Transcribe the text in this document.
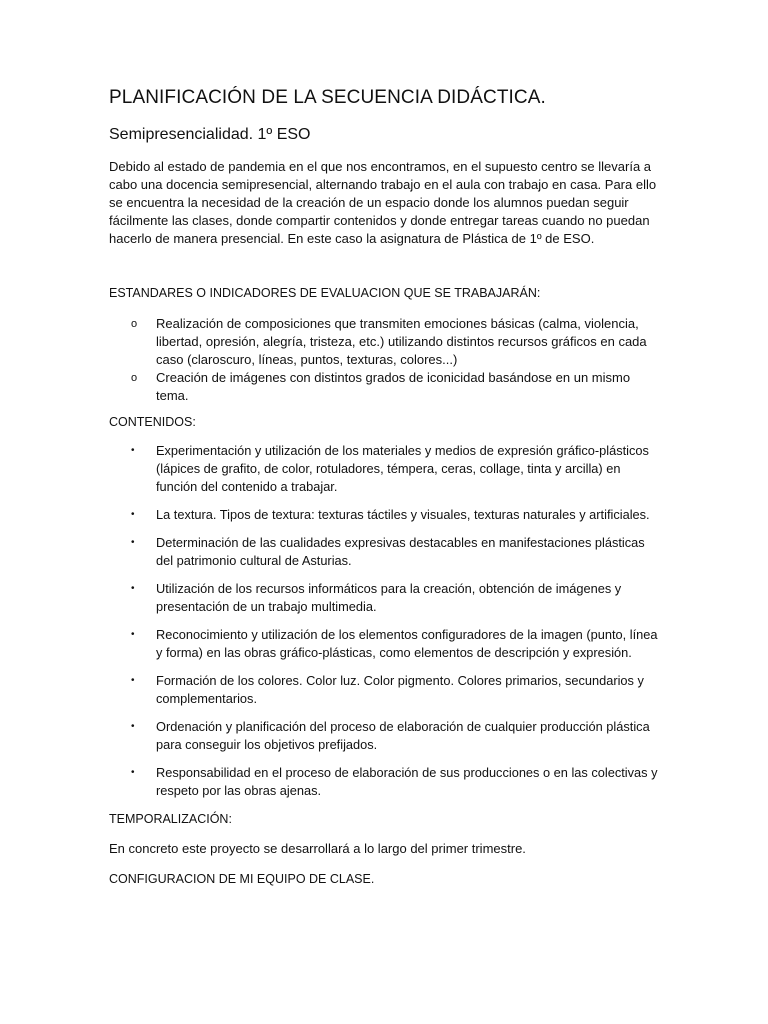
PLANIFICACIÓN DE LA SECUENCIA DIDÁCTICA.

Semipresencialidad. 1º ESO

Debido al estado de pandemia en el que nos encontramos, en el supuesto centro se llevaría a cabo una docencia semipresencial, alternando trabajo en el aula con trabajo en casa. Para ello se encuentra la necesidad de la creación de un espacio donde los alumnos puedan seguir fácilmente las clases, donde compartir contenidos y donde entregar tareas cuando no puedan hacerlo de manera presencial. En este caso la asignatura de Plástica de 1º de ESO.

ESTANDARES O INDICADORES DE EVALUACION QUE SE TRABAJARÁN:

o Realización de composiciones que transmiten emociones básicas (calma, violencia, libertad, opresión, alegría, tristeza, etc.) utilizando distintos recursos gráficos en cada caso (claroscuro, líneas, puntos, texturas, colores...)
o Creación de imágenes con distintos grados de iconicidad basándose en un mismo tema.

CONTENIDOS:

• Experimentación y utilización de los materiales y medios de expresión gráfico-plásticos (lápices de grafito, de color, rotuladores, témpera, ceras, collage, tinta y arcilla) en función del contenido a trabajar.
• La textura. Tipos de textura: texturas táctiles y visuales, texturas naturales y artificiales.
• Determinación de las cualidades expresivas destacables en manifestaciones plásticas del patrimonio cultural de Asturias.
• Utilización de los recursos informáticos para la creación, obtención de imágenes y presentación de un trabajo multimedia.
• Reconocimiento y utilización de los elementos configuradores de la imagen (punto, línea y forma) en las obras gráfico-plásticas, como elementos de descripción y expresión.
• Formación de los colores. Color luz. Color pigmento. Colores primarios, secundarios y complementarios.
• Ordenación y planificación del proceso de elaboración de cualquier producción plástica para conseguir los objetivos prefijados.
• Responsabilidad en el proceso de elaboración de sus producciones o en las colectivas y respeto por las obras ajenas.

TEMPORALIZACIÓN:

En concreto este proyecto se desarrollará a lo largo del primer trimestre.

CONFIGURACION DE MI EQUIPO DE CLASE.
